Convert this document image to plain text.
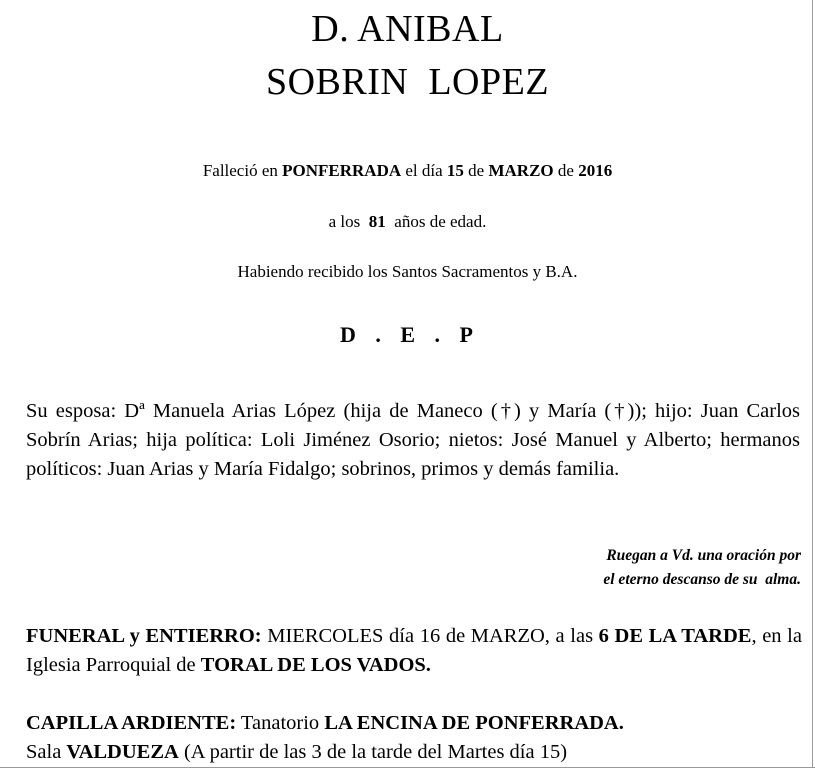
D. ANIBAL
SOBRIN  LOPEZ
Falleció en PONFERRADA el día 15 de MARZO de 2016
a los  81  años de edad.
Habiendo recibido los Santos Sacramentos y B.A.
D . E . P
Su esposa: Dª Manuela Arias López (hija de Maneco (†) y María (†)); hijo: Juan Carlos Sobrín Arias; hija política: Loli Jiménez Osorio; nietos: José Manuel y Alberto; hermanos políticos: Juan Arias y María Fidalgo; sobrinos, primos y demás familia.
Ruegan a Vd. una oración por
el eterno descanso de su  alma.
FUNERAL y ENTIERRO: MIERCOLES día 16 de MARZO, a las 6 DE LA TARDE, en la Iglesia Parroquial de TORAL DE LOS VADOS.
CAPILLA ARDIENTE: Tanatorio LA ENCINA DE PONFERRADA.
Sala VALDUEZA (A partir de las 3 de la tarde del Martes día 15)
